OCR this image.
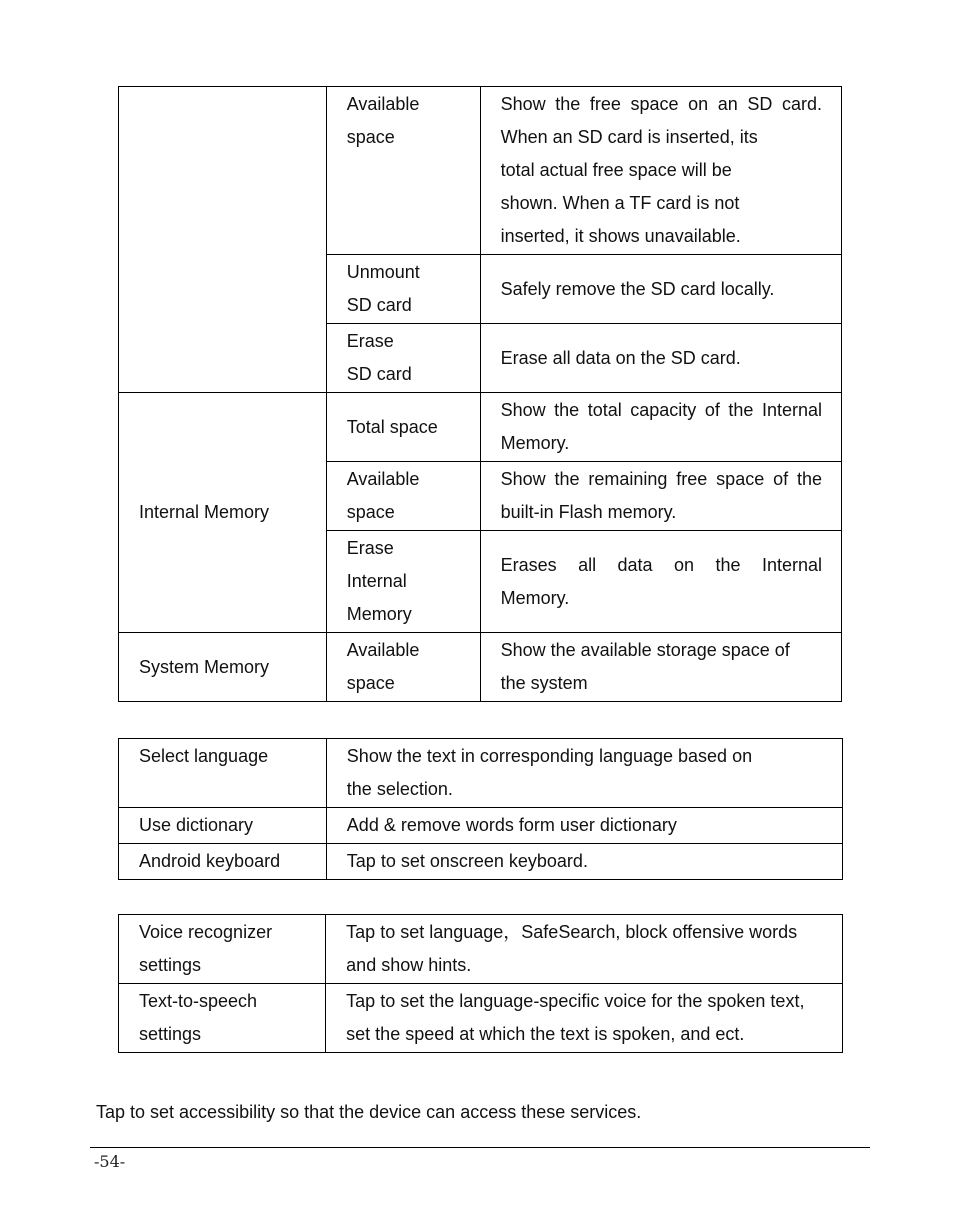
	Available
space	Show the free space on an SD card.
When an SD card is inserted, its
total actual free space will be
shown. When a TF card is not
inserted, it shows unavailable.

	Unmount
SD card	Safely remove the SD card locally.

	Erase
SD card	Erase all data on the SD card.

Internal Memory	Total space	Show the total capacity of the Internal
Memory.

	Available
space	Show the remaining free space of the
built-in Flash memory.

	Erase
Internal
Memory	Erases all data on the Internal
Memory.

System Memory	Available
space	Show the available storage space of
the system
Select language	Show the text in corresponding language based on
the selection.

Use dictionary	Add & remove words form user dictionary

Android keyboard	Tap to set onscreen keyboard.
Voice recognizer
settings	Tap to set language，SafeSearch, block offensive words
and show hints.

Text-to-speech
settings	Tap to set the language-specific voice for the spoken text,
set the speed at which the text is spoken, and ect.
Tap to set accessibility so that the device can access these services.
-54-
